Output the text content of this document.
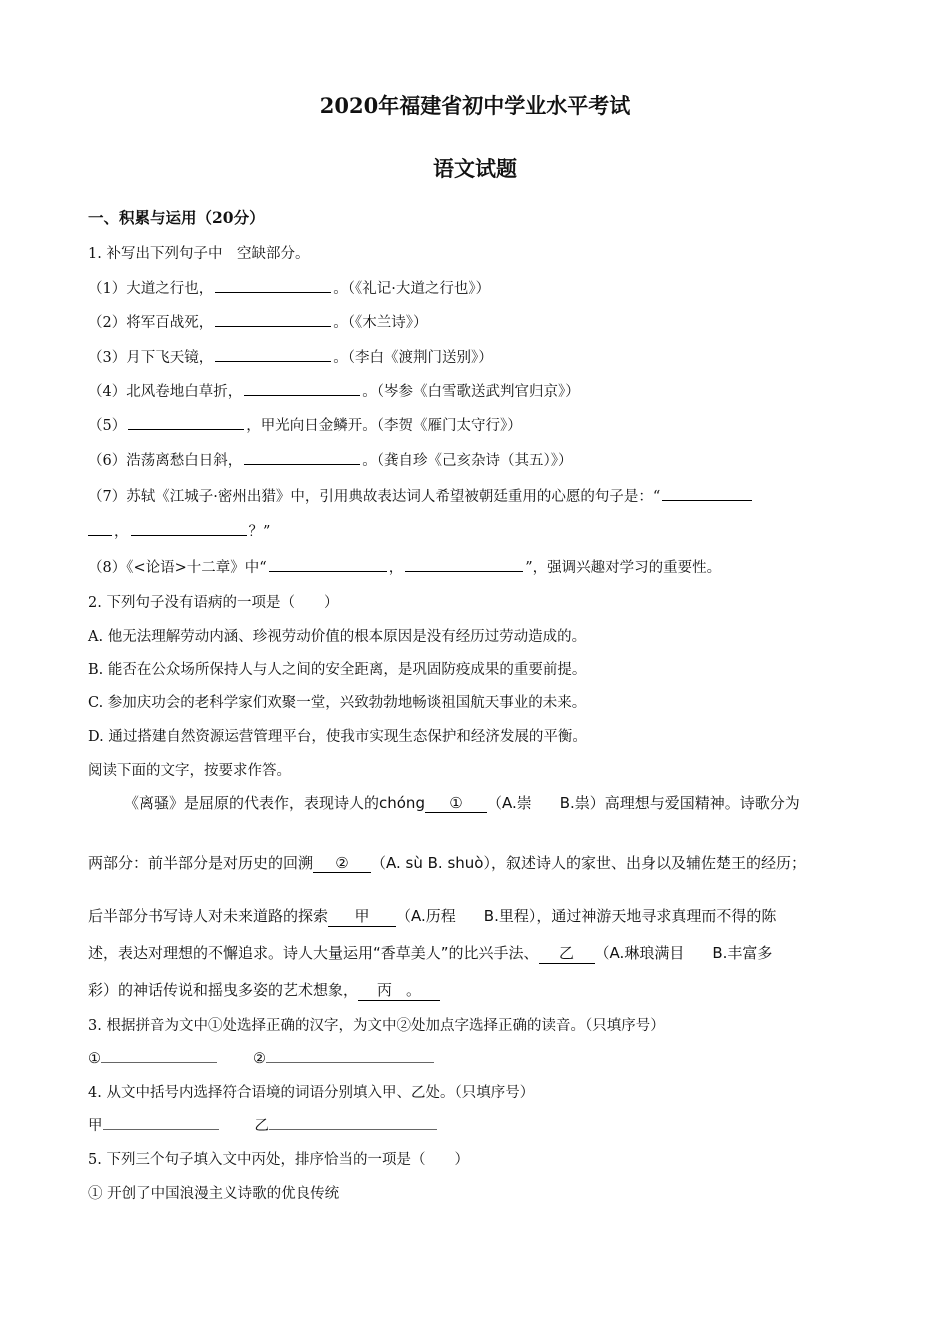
2020年福建省初中学业水平考试
语文试题
一、积累与运用（20分）
1. 补写出下列句子中　空缺部分。
（1）大道之行也，	。（《礼记·大道之行也》）
（2）将军百战死，	。（《木兰诗》）
（3）月下飞天镜，	。（李白《渡荆门送别》）
（4）北风卷地白草折，	。（岑参《白雪歌送武判官归京》）
（5）	，甲光向日金鳞开。（李贺《雁门太守行》）
（6）浩荡离愁白日斜，	。（龚自珍《己亥杂诗（其五）》）
（7）苏轼《江城子·密州出猎》中，引用典故表达词人希望被朝廷重用的心愿的句子是：“
，	？”
（8）《<论语>十二章》中“	，	”，强调兴趣对学习的重要性。
2. 下列句子没有语病的一项是（　　）
A. 他无法理解劳动内涵、珍视劳动价值的根本原因是没有经历过劳动造成的。
B. 能否在公众场所保持人与人之间的安全距离，是巩固防疫成果的重要前提。
C. 参加庆功会的老科学家们欢聚一堂，兴致勃勃地畅谈祖国航天事业的未来。
D. 通过搭建自然资源运营管理平台，使我市实现生态保护和经济发展的平衡。
阅读下面的文字，按要求作答。
《离骚》是屈原的代表作，表现诗人的chóng ① （A.崇 B.祟）高理想与爱国精神。诗歌分为
两部分：前半部分是对历史的回溯 ② （A. sù B. shuò），叙述诗人的家世、出身以及辅佐楚王的经历；
后半部分书写诗人对未来道路的探索 甲 （A.历程 B.里程），通过神游天地寻求真理而不得的陈
述，表达对理想的不懈追求。诗人大量运用“香草美人”的比兴手法、 乙 （A.琳琅满目 B.丰富多
彩）的神话传说和摇曳多姿的艺术想象， 丙 。
3. 根据拼音为文中①处选择正确的汉字，为文中②处加点字选择正确的读音。（只填序号）
①	②
4. 从文中括号内选择符合语境的词语分别填入甲、乙处。（只填序号）
甲	乙
5. 下列三个句子填入文中丙处，排序恰当的一项是（　　）
① 开创了中国浪漫主义诗歌的优良传统
